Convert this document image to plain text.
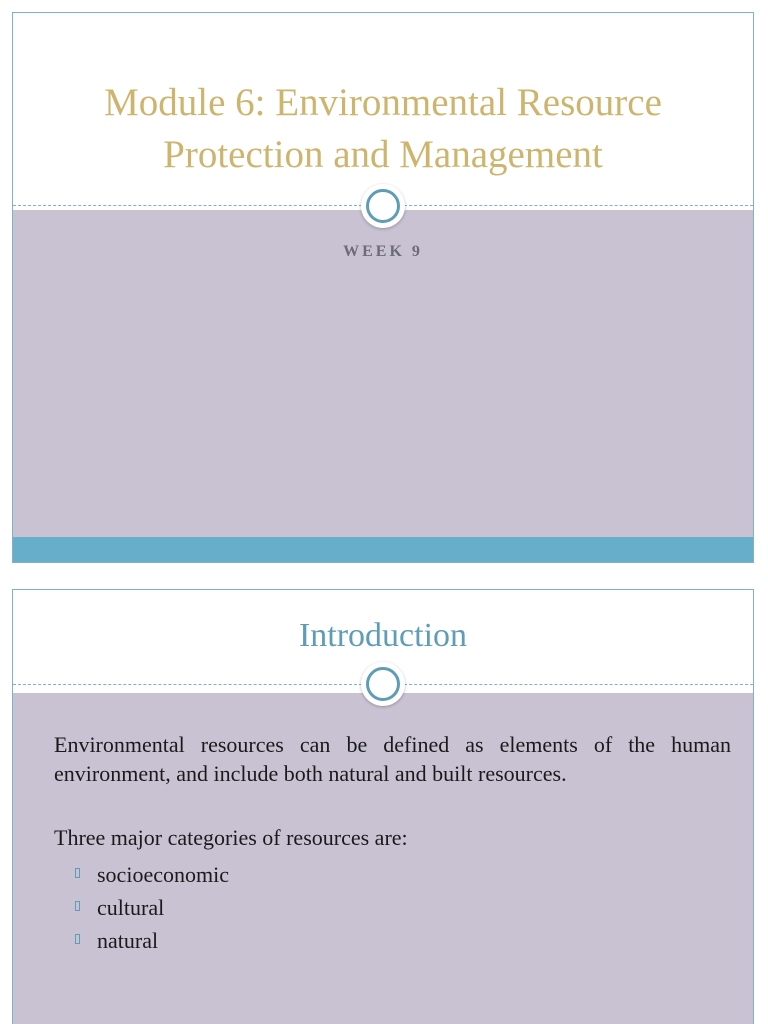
Module 6: Environmental Resource
Protection and Management
WEEK 9
Introduction

Environmental resources can be defined as elements of the human environment, and include both natural and built resources.

Three major categories of resources are:

socioeconomic
cultural
natural
